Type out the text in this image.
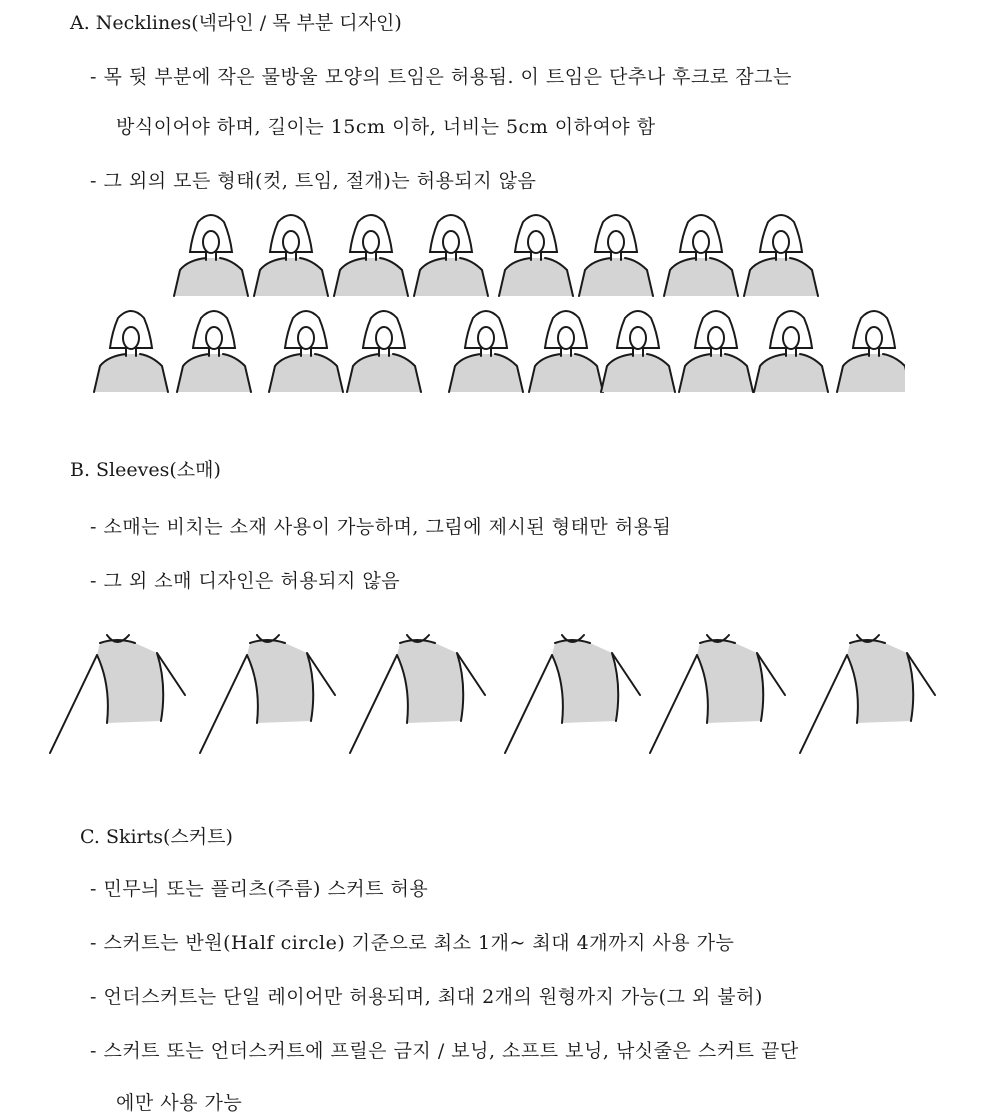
A. Necklines(넥라인 / 목 부분 디자인)
- 목 뒷 부분에 작은 물방울 모양의 트임은 허용됨. 이 트임은 단추나 후크로 잠그는
방식이어야 하며, 길이는 15cm 이하, 너비는 5cm 이하여야 함
- 그 외의 모든 형태(컷, 트임, 절개)는 허용되지 않음
B. Sleeves(소매)
- 소매는 비치는 소재 사용이 가능하며, 그림에 제시된 형태만 허용됨
- 그 외 소매 디자인은 허용되지 않음
C. Skirts(스커트)
- 민무늬 또는 플리츠(주름) 스커트 허용
- 스커트는 반원(Half circle) 기준으로 최소 1개~ 최대 4개까지 사용 가능
- 언더스커트는 단일 레이어만 허용되며, 최대 2개의 원형까지 가능(그 외 불허)
- 스커트 또는 언더스커트에 프릴은 금지 / 보닝, 소프트 보닝, 낚싯줄은 스커트 끝단
에만 사용 가능
